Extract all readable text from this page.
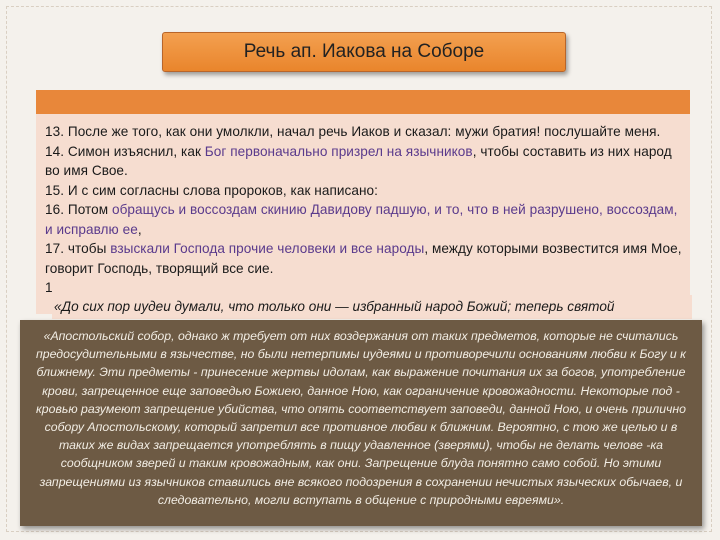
Речь ап. Иакова на Соборе

13. После же того, как они умолкли, начал речь Иаков и сказал: мужи братия! послушайте меня.

14. Симон изъяснил, как Бог первоначально призрел на язычников, чтобы составить из них народ во имя Свое.

15. И с сим согласны слова пророков, как написано:

16. Потом обращусь и воссоздам скинию Давидову падшую, и то, что в ней разрушено, воссоздам, и исправлю ее,

17. чтобы взыскали Господа прочие человеки и все народы, между которыми возвестится имя Мое, говорит Господь, творящий все сие.

1

«До сих пор иудеи думали, что только они — избранный народ Божий; теперь святой
«Апостольский собор, однако ж требует от них воздержания от таких предметов, которые не считались предосудительными в язычестве, но были нетерпимы иудеями и противоречили основаниям любви к Богу и к ближнему. Эти предметы - принесение жертвы идолам, как выражение почитания их за богов, употребление крови, запрещенное еще заповедью Божиею, данное Ною, как ограничение кровожадности. Некоторые под - кровью разумеют запрещение убийства, что опять соответствует заповеди, данной Ною, и очень прилично собору Апостольскому, который запретил все противное любви к ближним. Вероятно, с тою же целью и в таких же видах запрещается употреблять в пищу удавленное (зверями), чтобы не делать челове -ка сообщником зверей и таким кровожадным, как они. Запрещение блуда понятно само собой. Но этими запрещениями из язычников ставились вне всякого подозрения в сохранении нечистых языческих обычаев, и следовательно, могли вступать в общение с природными евреями».
